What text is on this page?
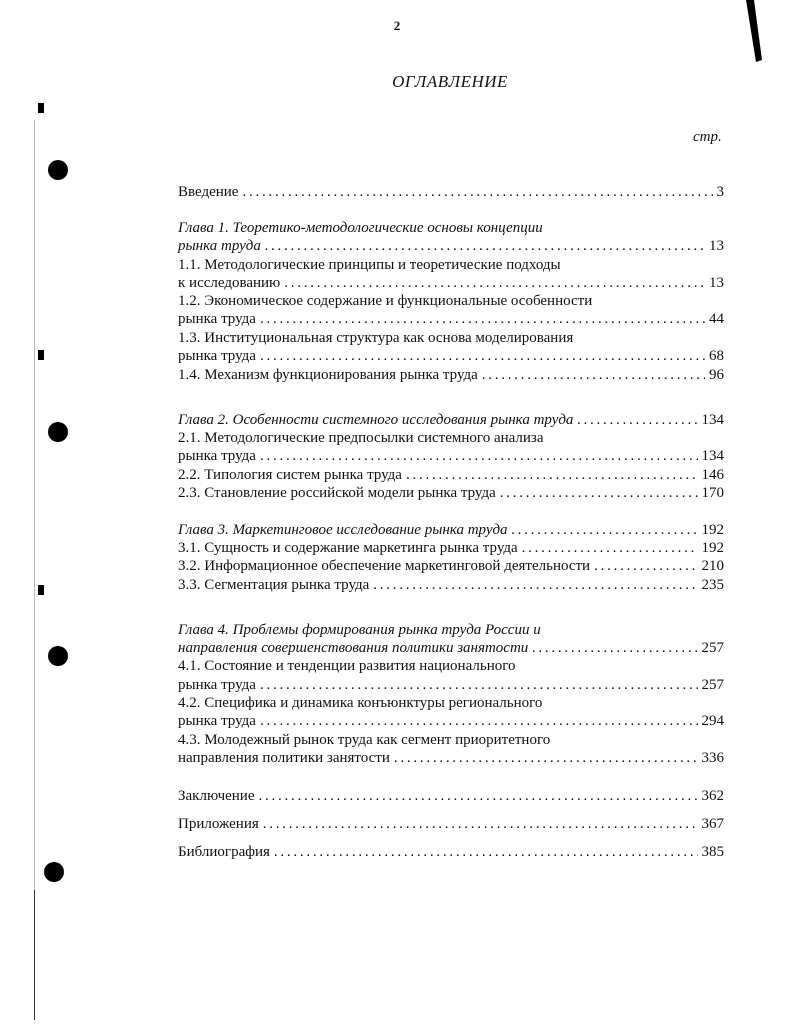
2
ОГЛАВЛЕНИЕ
стр.
Введение . . .	3
Глава 1. Теоретико-методологические основы концепции
рынка труда . . .	13
1.1. Методологические принципы и теоретические подходы
к исследованию . . .	13
1.2. Экономическое содержание и функциональные особенности
рынка труда . . .	44
1.3. Институциональная структура как основа моделирования
рынка труда . . .	68
1.4. Механизм функционирования рынка труда . . .	96
Глава 2. Особенности системного исследования рынка труда . . .	134
2.1. Методологические предпосылки системного анализа
рынка труда . . .	134
2.2. Типология систем рынка труда . . .	146
2.3. Становление российской модели рынка труда . . .	170
Глава 3. Маркетинговое исследование рынка труда . . .	192
3.1. Сущность и содержание маркетинга рынка труда . . .	192
3.2. Информационное обеспечение маркетинговой деятельности . . .	210
3.3. Сегментация рынка труда . . .	235
Глава 4. Проблемы формирования рынка труда России и
направления совершенствования политики занятости . . .	257
4.1. Состояние и тенденции развития национального
рынка труда . . .	257
4.2. Специфика и динамика конъюнктуры регионального
рынка труда . . .	294
4.3. Молодежный рынок труда как сегмент приоритетного
направления политики занятости . . .	336
Заключение . . .	362
Приложения . . .	367
Библиография . . .	385
